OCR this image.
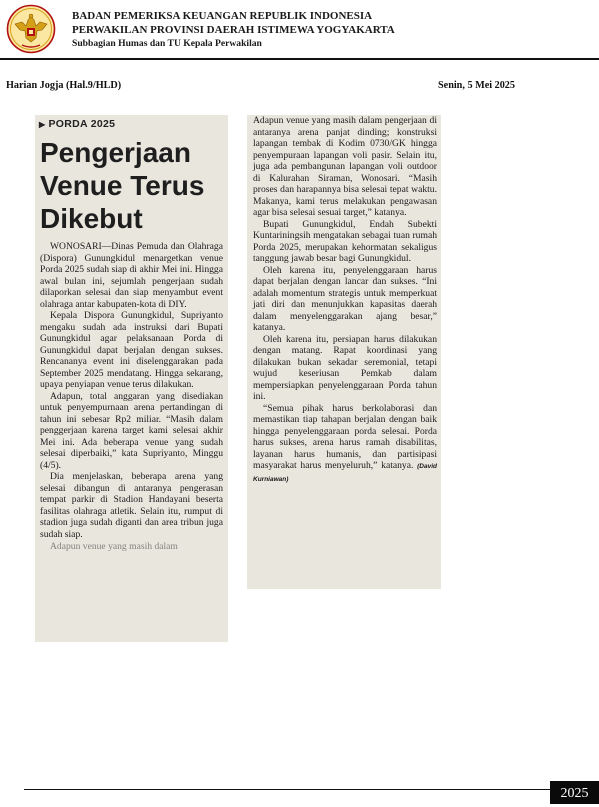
BADAN PEMERIKSA KEUANGAN REPUBLIK INDONESIA
PERWAKILAN PROVINSI DAERAH ISTIMEWA YOGYAKARTA
Subbagian Humas dan TU Kepala Perwakilan
Harian Jogja (Hal.9/HLD)	Senin, 5 Mei 2025
▶ PORDA 2025
Pengerjaan
Venue Terus
Dikebut

WONOSARI—Dinas Pemuda dan Olahraga (Dispora) Gunungkidul menargetkan venue Porda 2025 sudah siap di akhir Mei ini. Hingga awal bulan ini, sejumlah pengerjaan sudah dilaporkan selesai dan siap menyambut event olahraga antar kabupaten-kota di DIY.

Kepala Dispora Gunungkidul, Supriyanto mengaku sudah ada instruksi dari Bupati Gunungkidul agar pelaksanaan Porda di Gunungkidul dapat berjalan dengan sukses. Rencananya event ini diselenggarakan pada September 2025 mendatang. Hingga sekarang, upaya penyiapan venue terus dilakukan.

Adapun, total anggaran yang disediakan untuk penyempurnaan arena pertandingan di tahun ini sebesar Rp2 miliar. “Masih dalam penggerjaan karena target kami selesai akhir Mei ini. Ada beberapa venue yang sudah selesai diperbaiki,” kata Supriyanto, Minggu (4/5).

Dia menjelaskan, beberapa arena yang selesai dibangun di antaranya pengerasan tempat parkir di Stadion Handayani beserta fasilitas olahraga atletik. Selain itu, rumput di stadion juga sudah diganti dan area tribun juga sudah siap.

Adapun venue yang masih dalam

Adapun venue yang masih dalam pengerjaan di antaranya arena panjat dinding; konstruksi lapangan tembak di Kodim 0730/GK hingga penyempuraan lapangan voli pasir. Selain itu, juga ada pembangunan lapangan voli outdoor di Kalurahan Siraman, Wonosari. “Masih proses dan harapannya bisa selesai tepat waktu. Makanya, kami terus melakukan pengawasan agar bisa selesai sesuai target,” katanya.

Bupati Gunungkidul, Endah Subekti Kuntariningsih mengatakan sebagai tuan rumah Porda 2025, merupakan kehormatan sekaligus tanggung jawab besar bagi Gunungkidul.

Oleh karena itu, penyelenggaraan harus dapat berjalan dengan lancar dan sukses. “Ini adalah momentum strategis untuk memperkuat jati diri dan menunjukkan kapasitas daerah dalam menyelenggarakan ajang besar,” katanya.

Oleh karena itu, persiapan harus dilakukan dengan matang. Rapat koordinasi yang dilakukan bukan sekadar seremonial, tetapi wujud keseriusan Pemkab dalam mempersiapkan penyelenggaraan Porda tahun ini.

“Semua pihak harus berkolaborasi dan memastikan tiap tahapan berjalan dengan baik hingga penyelenggaraan porda selesai. Porda harus sukses, arena harus ramah disabilitas, layanan harus humanis, dan partisipasi masyarakat harus menyeluruh,” katanya. (David Kurniawan)

2025
